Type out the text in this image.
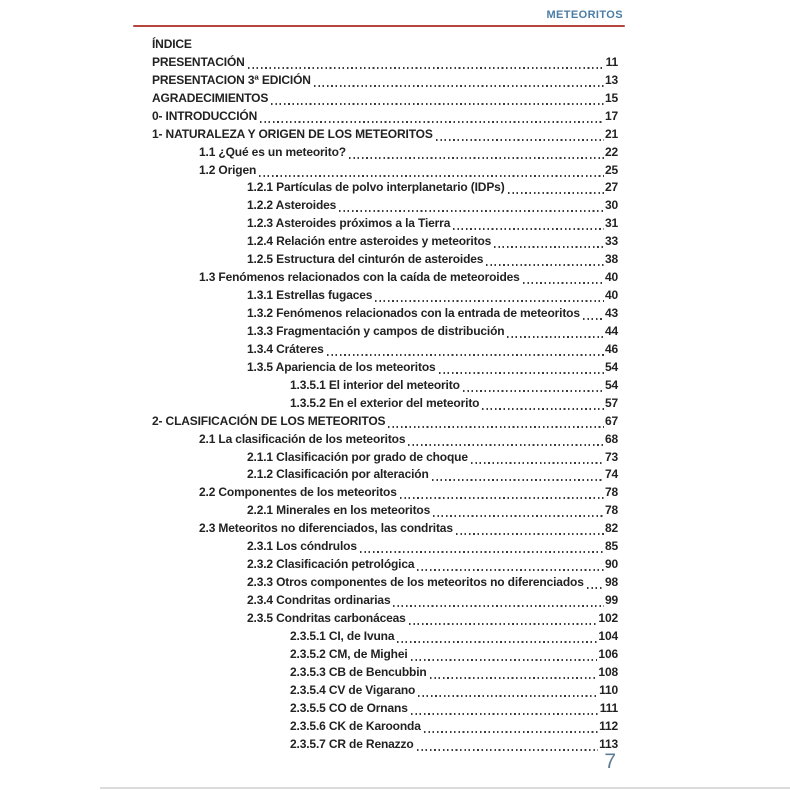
METEORITOS
ÍNDICE
PRESENTACIÓN	11
PRESENTACION 3ª EDICIÓN	13
AGRADECIMIENTOS	15
0- INTRODUCCIÓN	17
1- NATURALEZA Y ORIGEN DE LOS METEORITOS	21
1.1 ¿Qué es un meteorito?	22
1.2 Origen	25
1.2.1 Partículas de polvo interplanetario (IDPs)	27
1.2.2 Asteroides	30
1.2.3 Asteroides próximos a la Tierra	31
1.2.4 Relación entre asteroides y meteoritos	33
1.2.5 Estructura del cinturón de asteroides	38
1.3 Fenómenos relacionados con la caída de meteoroides	40
1.3.1 Estrellas fugaces	40
1.3.2 Fenómenos relacionados con la entrada de meteoritos 43
1.3.3 Fragmentación y campos de distribución	44
1.3.4 Cráteres	46
1.3.5 Apariencia de los meteoritos	54
1.3.5.1 El interior del meteorito	54
1.3.5.2 En el exterior del meteorito	57
2- CLASIFICACIÓN DE LOS METEORITOS	67
2.1 La clasificación de los meteoritos	68
2.1.1 Clasificación por grado de choque	73
2.1.2 Clasificación por alteración	74
2.2 Componentes de los meteoritos	78
2.2.1 Minerales en los meteoritos	78
2.3 Meteoritos no diferenciados, las condritas	82
2.3.1 Los cóndrulos	85
2.3.2 Clasificación petrológica	90
2.3.3 Otros componentes de los meteoritos no diferenciados 98
2.3.4 Condritas ordinarias	99
2.3.5 Condritas carbonáceas	102
2.3.5.1 CI, de Ivuna	104
2.3.5.2 CM, de Mighei	106
2.3.5.3 CB de Bencubbin	108
2.3.5.4 CV de Vigarano	110
2.3.5.5 CO de Ornans	111
2.3.5.6 CK de Karoonda	112
2.3.5.7 CR de Renazzo	113
7
